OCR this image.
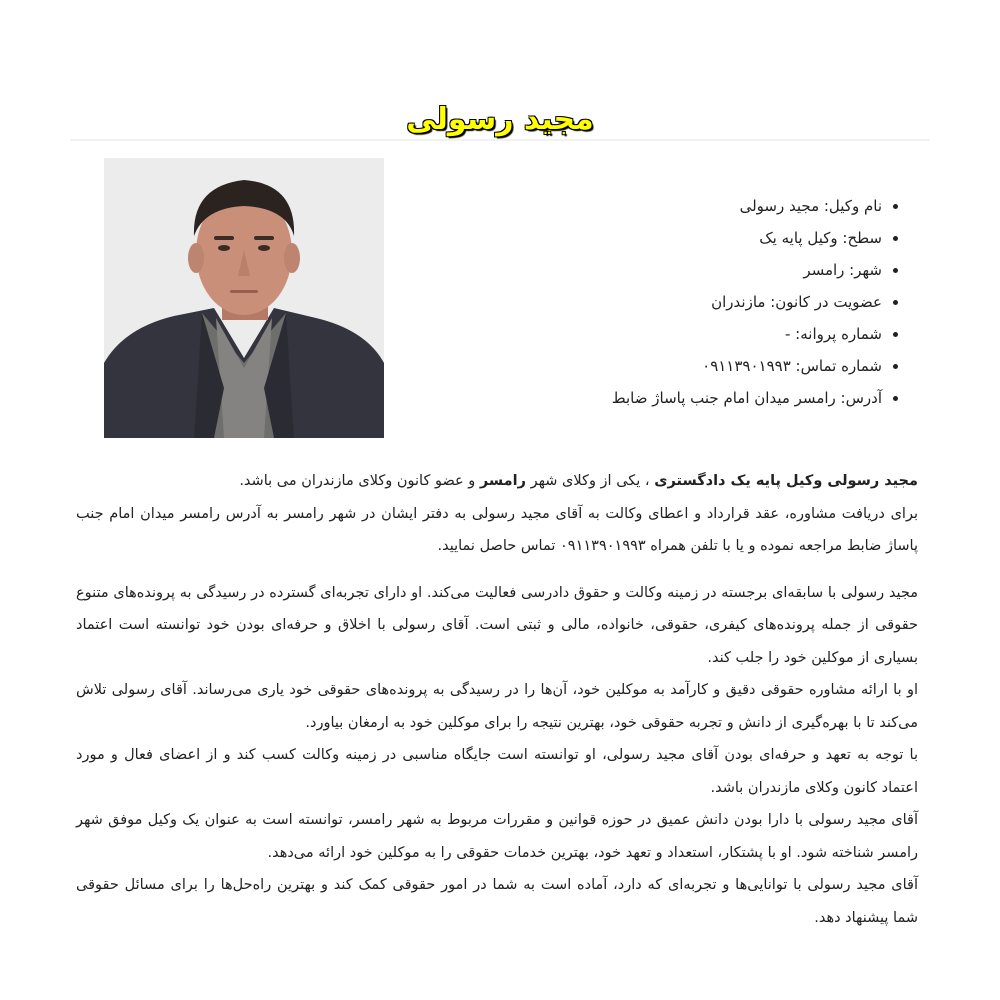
مجید رسولی
• نام وکیل: مجید رسولی
• سطح: وکیل پایه یک
• شهر: رامسر
• عضویت در کانون: مازندران
• شماره پروانه: -
• شماره تماس: ۰۹۱۱۳۹۰۱۹۹۳
• آدرس: رامسر میدان امام جنب پاساژ ضابط

مجید رسولی وکیل پایه یک دادگستری ، یکی از وکلای شهر رامسر و عضو کانون وکلای مازندران می باشد.

برای دریافت مشاوره، عقد قرارداد و اعطای وکالت به آقای مجید رسولی به دفتر ایشان در شهر رامسر به آدرس رامسر میدان امام جنب پاساژ ضابط مراجعه نموده و یا با تلفن همراه ۰۹۱۱۳۹۰۱۹۹۳ تماس حاصل نمایید.

مجید رسولی با سابقه‌ای برجسته در زمینه وکالت و حقوق دادرسی فعالیت می‌کند. او دارای تجربه‌ای گسترده در رسیدگی به پرونده‌های متنوع حقوقی از جمله پرونده‌های کیفری، حقوقی، خانواده، مالی و ثبتی است. آقای رسولی با اخلاق و حرفه‌ای بودن خود توانسته است اعتماد بسیاری از موکلین خود را جلب کند.

او با ارائه مشاوره حقوقی دقیق و کارآمد به موکلین خود، آن‌ها را در رسیدگی به پرونده‌های حقوقی خود یاری می‌رساند. آقای رسولی تلاش می‌کند تا با بهره‌گیری از دانش و تجربه حقوقی خود، بهترین نتیجه را برای موکلین خود به ارمغان بیاورد.

با توجه به تعهد و حرفه‌ای بودن آقای مجید رسولی، او توانسته است جایگاه مناسبی در زمینه وکالت کسب کند و از اعضای فعال و مورد اعتماد کانون وکلای مازندران باشد.

آقای مجید رسولی با دارا بودن دانش عمیق در حوزه قوانین و مقررات مربوط به شهر رامسر، توانسته است به عنوان یک وکیل موفق شهر رامسر شناخته شود. او با پشتکار، استعداد و تعهد خود، بهترین خدمات حقوقی را به موکلین خود ارائه می‌دهد.

آقای مجید رسولی با توانایی‌ها و تجربه‌ای که دارد، آماده است به شما در امور حقوقی کمک کند و بهترین راه‌حل‌ها را برای مسائل حقوقی شما پیشنهاد دهد.
